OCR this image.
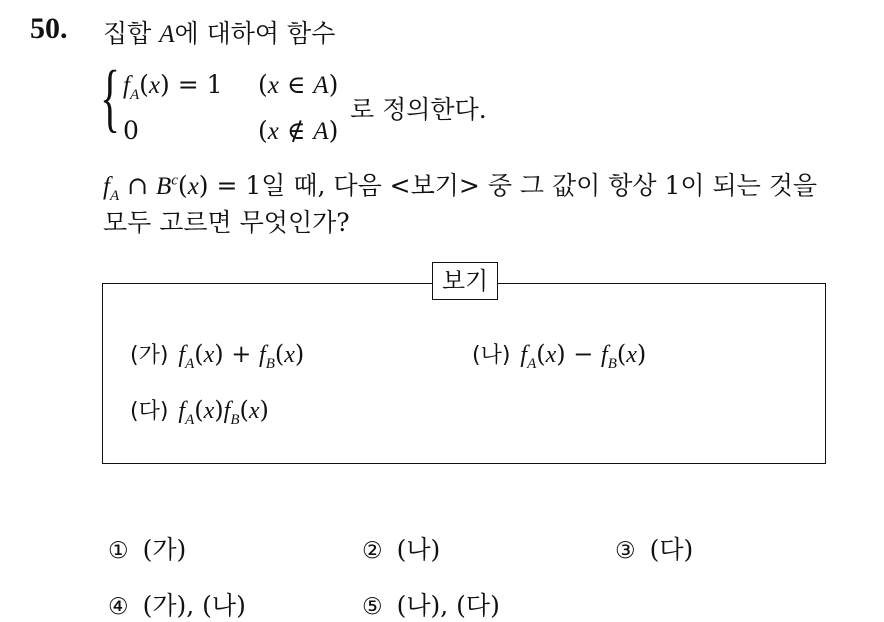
50. 집합 A에 대하여 함수
{ $f_A(x) = 1$ (x ∈ A)
0	(x ∉ A)
로 정의한다.
$f_A$ ∩ $B^c(x) = 1$일 때, 다음 <보기> 중 그 값이 항상 1이 되는 것을
모두 고르면 무엇인가?
보기
(가) $f_A(x) + f_B(x)$	(나) $f_A(x) - f_B(x)$
(다) $f_A(x)f_B(x)$
① (가)	② (나)	③ (다)
④ (가), (나)	⑤ (나), (다)
